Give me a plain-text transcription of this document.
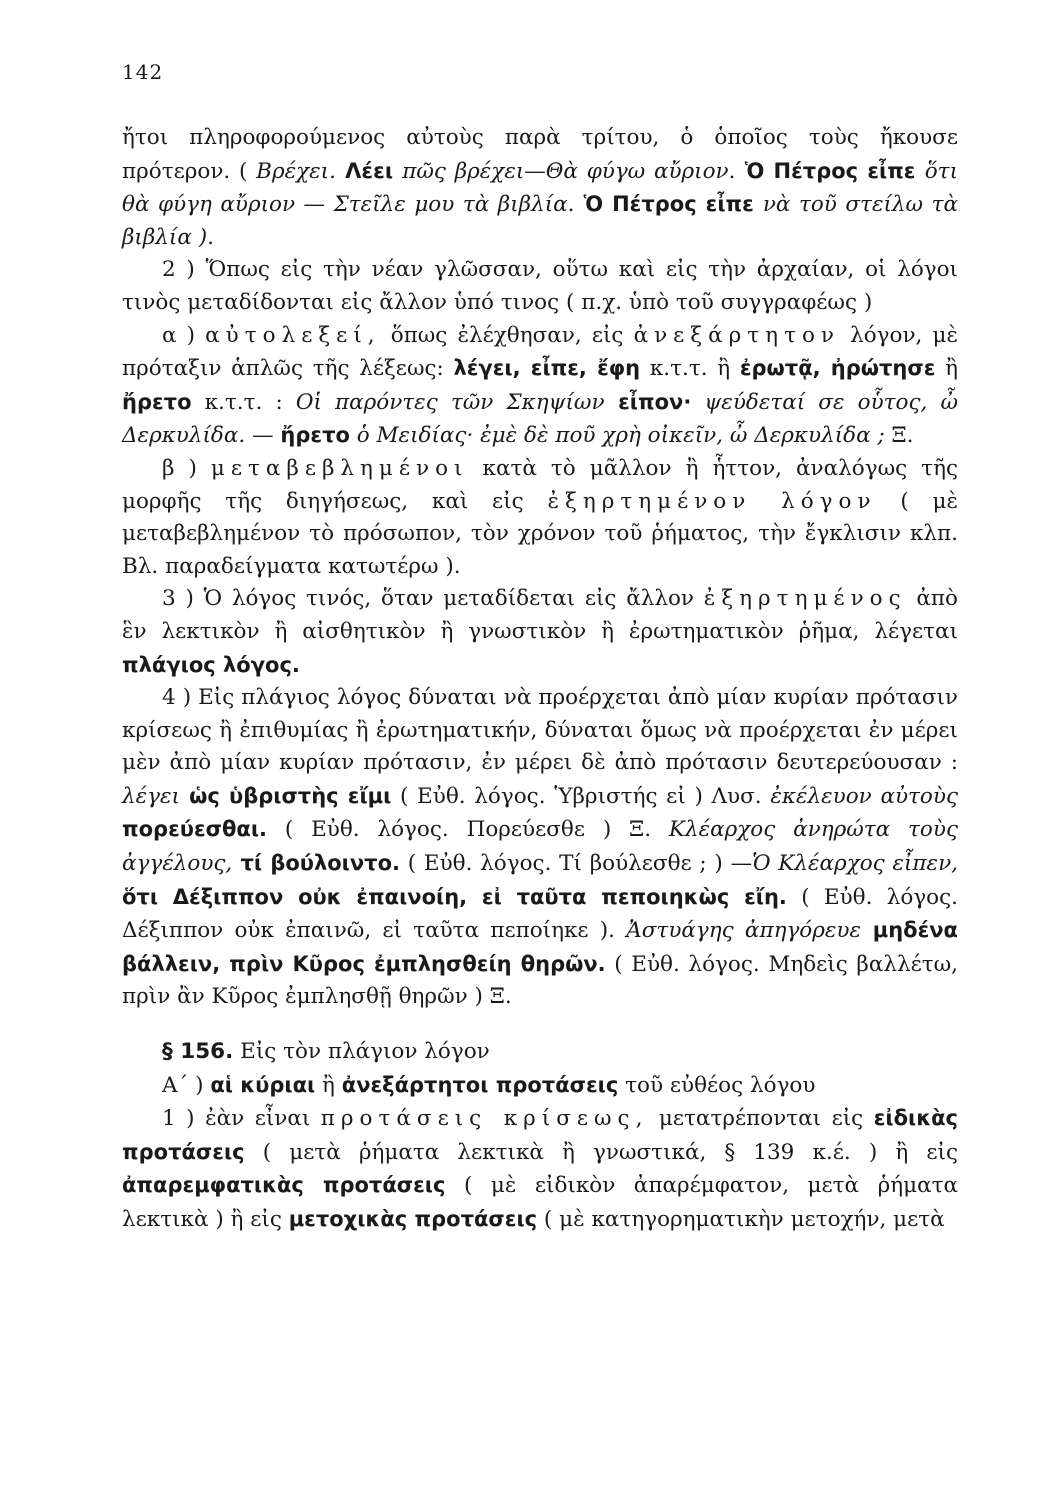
142

ἤτοι πληροφορούμενος αὐτοὺς παρὰ τρίτου, ὁ ὁποῖος τοὺς ἤκουσε πρότερον. ( Βρέχει. Λέει πῶς βρέχει—Θὰ φύγω αὔριον. Ὁ Πέτρος εἶπε ὅτι θὰ φύγη αὔριον — Στεῖλε μου τὰ βιβλία. Ὁ Πέτρος εἶπε νὰ τοῦ στείλω τὰ βιβλία ).

2 ) Ὅπως εἰς τὴν νέαν γλῶσσαν, οὕτω καὶ εἰς τὴν ἀρχαίαν, οἱ λόγοι τινὸς μεταδίδονται εἰς ἄλλον ὑπό τινος ( π.χ. ὑπὸ τοῦ συγγραφέως )

α ) αὐτολεξεί, ὅπως ἐλέχθησαν, εἰς ἀνεξάρτητον λόγον, μὲ πρόταξιν ἁπλῶς τῆς λέξεως: λέγει, εἶπε, ἔφη κ.τ.τ. ἢ ἐρωτᾷ, ἠρώτησε ἢ ἤρετο κ.τ.τ. : Οἱ παρόντες τῶν Σκηψίων εἶπον· ψεύδεταί σε οὗτος, ὦ Δερκυλίδα. — ἤρετο ὁ Μειδίας· ἐμὲ δὲ ποῦ χρὴ οἰκεῖν, ὦ Δερκυλίδα ; Ξ.

β ) μεταβεβλημένοι κατὰ τὸ μᾶλλον ἢ ἧττον, ἀναλόγως τῆς μορφῆς τῆς διηγήσεως, καὶ εἰς ἐξηρτημένον λόγον ( μὲ μεταβεβλημένον τὸ πρόσωπον, τὸν χρόνον τοῦ ῥήματος, τὴν ἔγκλισιν κλπ. Βλ. παραδείγματα κατωτέρω ).

3 ) Ὁ λόγος τινός, ὅταν μεταδίδεται εἰς ἄλλον ἐξηρτημένος ἀπὸ ἓν λεκτικὸν ἢ αἰσθητικὸν ἢ γνωστικὸν ἢ ἐρωτηματικὸν ῥῆμα, λέγεται πλάγιος λόγος.

4 ) Εἰς πλάγιος λόγος δύναται νὰ προέρχεται ἀπὸ μίαν κυρίαν πρότασιν κρίσεως ἢ ἐπιθυμίας ἢ ἐρωτηματικήν, δύναται ὅμως νὰ προέρχεται ἐν μέρει μὲν ἀπὸ μίαν κυρίαν πρότασιν, ἐν μέρει δὲ ἀπὸ πρότασιν δευτερεύουσαν : λέγει ὡς ὑβριστὴς εἴμι ( Εὐθ. λόγος. Ὑβριστής εἰ ) Λυσ. ἐκέλευον αὐτοὺς πορεύεσθαι. ( Εὐθ. λόγος. Πορεύεσθε ) Ξ. Κλέαρχος ἀνηρώτα τοὺς ἀγγέλους, τί βούλοιντο. ( Εὐθ. λόγος. Τί βούλεσθε ; ) —Ὁ Κλέαρχος εἶπεν, ὅτι Δέξιππον οὐκ ἐπαινοίη, εἰ ταῦτα πεποιηκὼς εἴη. ( Εὐθ. λόγος. Δέξιππον οὐκ ἐπαινῶ, εἰ ταῦτα πεποίηκε ). Ἀστυάγης ἀπηγόρευε μηδένα βάλλειν, πρὶν Κῦρος ἐμπλησθείη θηρῶν. ( Εὐθ. λόγος. Μηδεὶς βαλλέτω, πρὶν ἂν Κῦρος ἐμπλησθῇ θηρῶν ) Ξ.

§ 156. Εἰς τὸν πλάγιον λόγον

Α΄ ) αἱ κύριαι ἢ ἀνεξάρτητοι προτάσεις τοῦ εὐθέος λόγου

1 ) ἐὰν εἶναι προτάσεις κρίσεως, μετατρέπονται εἰς εἰδικὰς προτάσεις ( μετὰ ῥήματα λεκτικὰ ἢ γνωστικά, § 139 κ.έ. ) ἢ εἰς ἀπαρεμφατικὰς προτάσεις ( μὲ εἰδικὸν ἀπαρέμφατον, μετὰ ῥήματα λεκτικὰ ) ἢ εἰς μετοχικὰς προτάσεις ( μὲ κατηγορηματικὴν μετοχήν, μετὰ
